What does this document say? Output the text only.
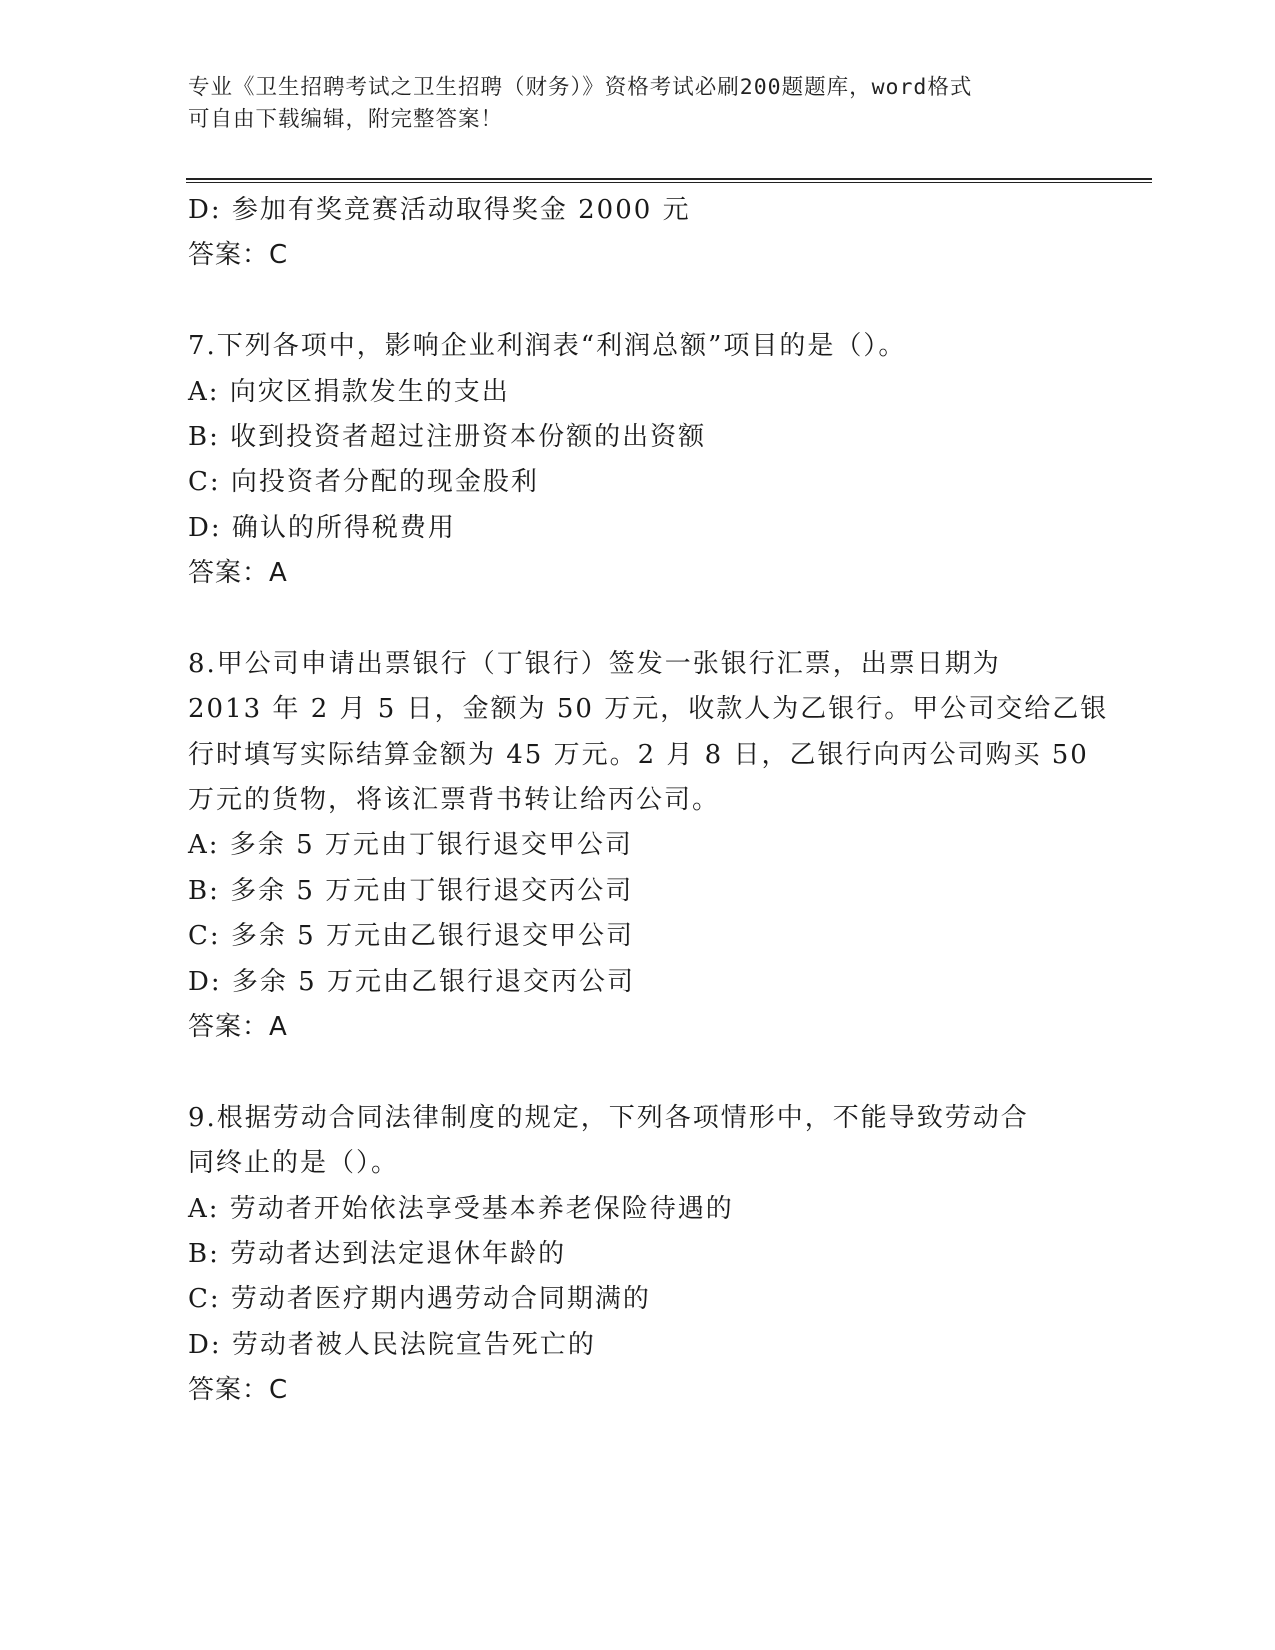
专业《卫生招聘考试之卫生招聘（财务）》资格考试必刷200题题库，word格式
可自由下载编辑，附完整答案！
D: 参加有奖竞赛活动取得奖金 2000 元
答案：C
7.下列各项中，影响企业利润表“利润总额”项目的是（）。
A: 向灾区捐款发生的支出
B: 收到投资者超过注册资本份额的出资额
C: 向投资者分配的现金股利
D: 确认的所得税费用
答案：A
8.甲公司申请出票银行（丁银行）签发一张银行汇票，出票日期为
2013 年 2 月 5 日，金额为 50 万元，收款人为乙银行。甲公司交给乙银
行时填写实际结算金额为 45 万元。2 月 8 日，乙银行向丙公司购买 50
万元的货物，将该汇票背书转让给丙公司。
A: 多余 5 万元由丁银行退交甲公司
B: 多余 5 万元由丁银行退交丙公司
C: 多余 5 万元由乙银行退交甲公司
D: 多余 5 万元由乙银行退交丙公司
答案：A
9.根据劳动合同法律制度的规定，下列各项情形中，不能导致劳动合
同终止的是（）。
A: 劳动者开始依法享受基本养老保险待遇的
B: 劳动者达到法定退休年龄的
C: 劳动者医疗期内遇劳动合同期满的
D: 劳动者被人民法院宣告死亡的
答案：C
